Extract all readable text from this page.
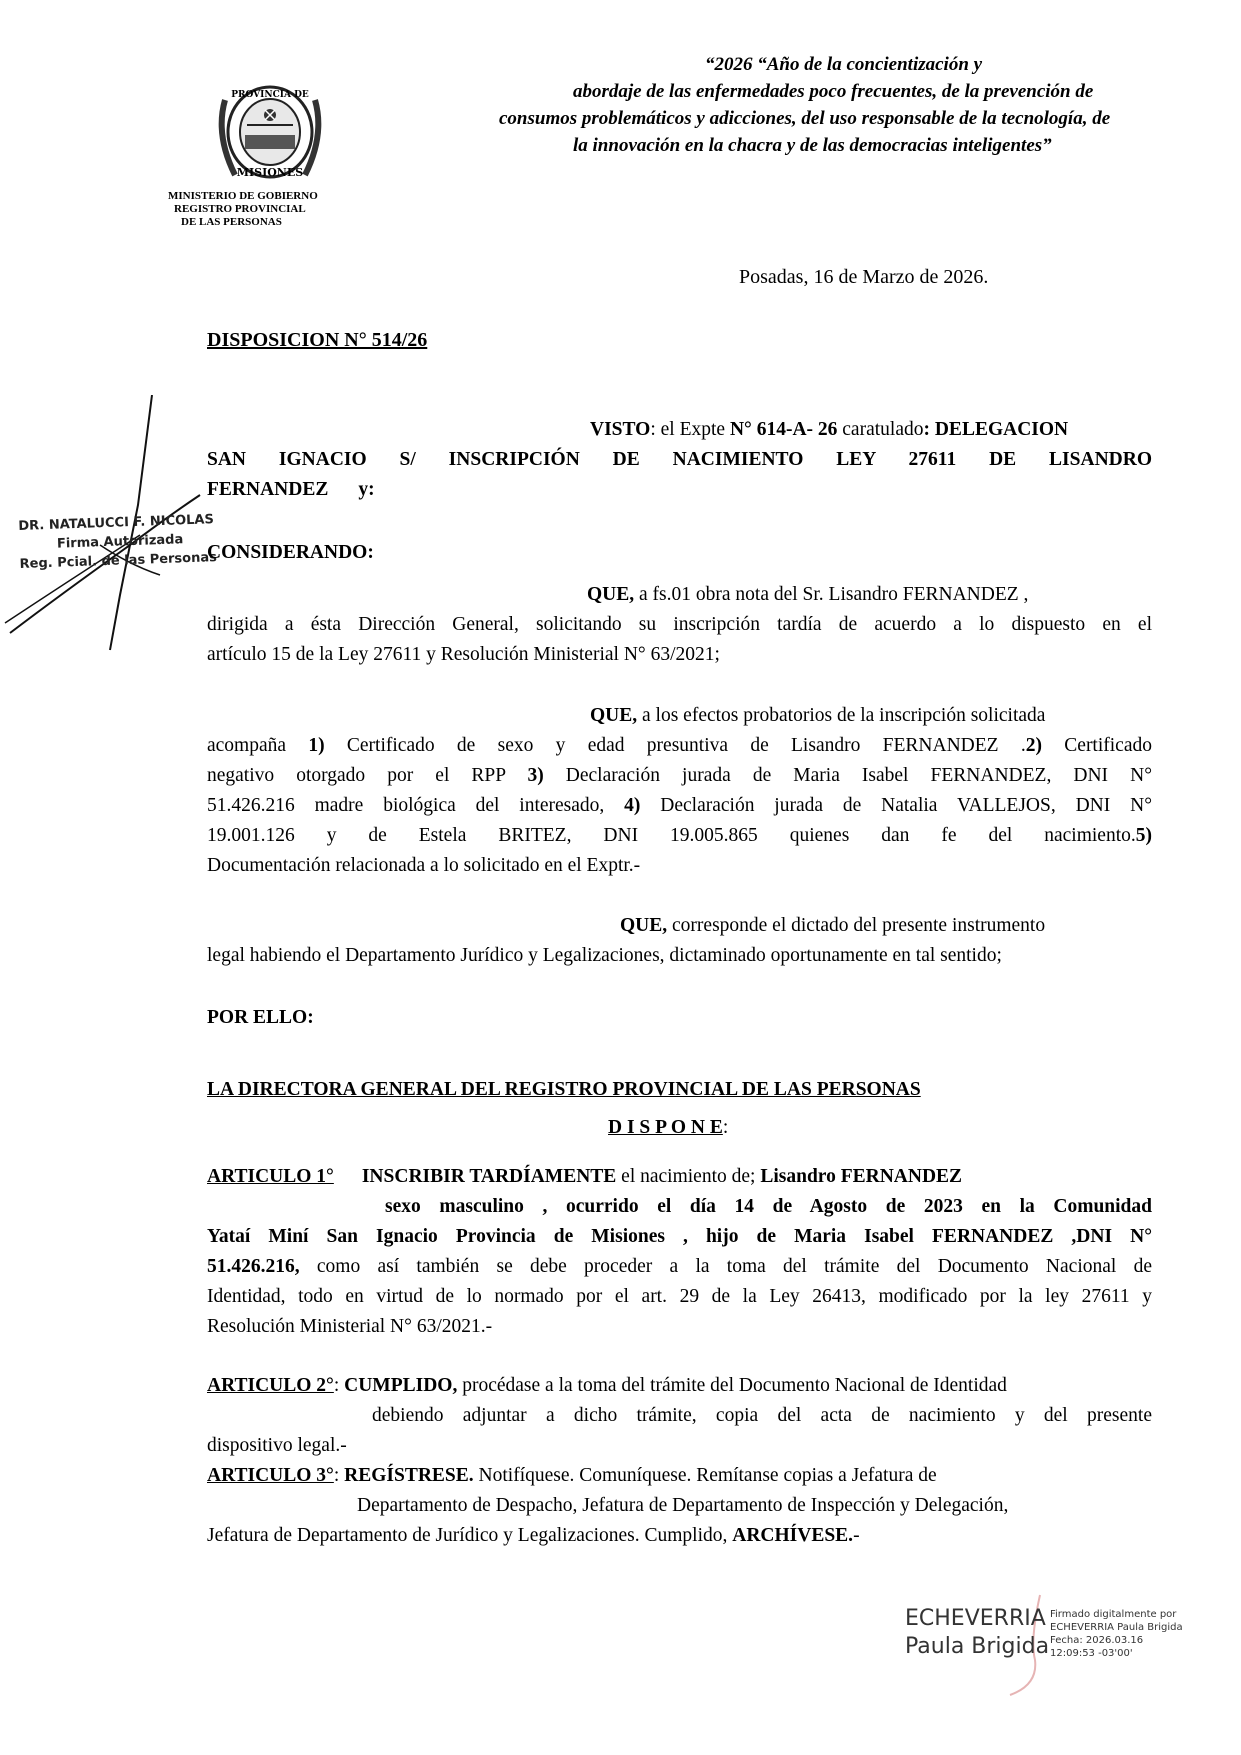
“2026 “Año de la concientización y
abordaje de las enfermedades poco frecuentes, de la prevención de
consumos problemáticos y adicciones, del uso responsable de la tecnología, de
la innovación en la chacra y de las democracias inteligentes”
PROVINCIA DE
MISIONES
MINISTERIO DE GOBIERNO
REGISTRO PROVINCIAL
DE LAS PERSONAS
Posadas, 16 de Marzo de 2026.
DISPOSICION N° 514/26
VISTO: el Expte N° 614-A- 26 caratulado: DELEGACION
SAN IGNACIO S/ INSCRIPCIÓN DE NACIMIENTO LEY 27611 DE LISANDRO
FERNANDEZ y:
DR. NATALUCCI F. NICOLAS
Firma Autorizada
Reg. Pcial. de las Personas
CONSIDERANDO:
QUE, a fs.01 obra nota del Sr. Lisandro FERNANDEZ ,
dirigida a ésta Dirección General, solicitando su inscripción tardía de acuerdo a lo dispuesto en el
artículo 15 de la Ley 27611 y Resolución Ministerial N° 63/2021;
QUE, a los efectos probatorios de la inscripción solicitada
acompaña 1) Certificado de sexo y edad presuntiva de Lisandro FERNANDEZ .2) Certificado
negativo otorgado por el RPP 3) Declaración jurada de Maria Isabel FERNANDEZ, DNI N°
51.426.216 madre biológica del interesado, 4) Declaración jurada de Natalia VALLEJOS, DNI N°
19.001.126 y de Estela BRITEZ, DNI 19.005.865 quienes dan fe del nacimiento.5)
Documentación relacionada a lo solicitado en el Exptr.-
QUE, corresponde el dictado del presente instrumento
legal habiendo el Departamento Jurídico y Legalizaciones, dictaminado oportunamente en tal sentido;
POR ELLO:
LA DIRECTORA GENERAL DEL REGISTRO PROVINCIAL DE LAS PERSONAS
D I S P O N E:
ARTICULO 1° INSCRIBIR TARDÍAMENTE el nacimiento de; Lisandro FERNANDEZ
sexo masculino , ocurrido el día 14 de Agosto de 2023 en la Comunidad
Yataí Miní San Ignacio Provincia de Misiones , hijo de Maria Isabel FERNANDEZ ,DNI N°
51.426.216, como así también se debe proceder a la toma del trámite del Documento Nacional de
Identidad, todo en virtud de lo normado por el art. 29 de la Ley 26413, modificado por la ley 27611 y
Resolución Ministerial N° 63/2021.-
ARTICULO 2°: CUMPLIDO, procédase a la toma del trámite del Documento Nacional de Identidad
debiendo adjuntar a dicho trámite, copia del acta de nacimiento y del presente
dispositivo legal.-
ARTICULO 3°: REGÍSTRESE. Notifíquese. Comuníquese. Remítanse copias a Jefatura de
Departamento de Despacho, Jefatura de Departamento de Inspección y Delegación,
Jefatura de Departamento de Jurídico y Legalizaciones. Cumplido, ARCHÍVESE.-
ECHEVERRIA
Paula Brigida
Firmado digitalmente por
ECHEVERRIA Paula Brigida
Fecha: 2026.03.16
12:09:53 -03'00'
